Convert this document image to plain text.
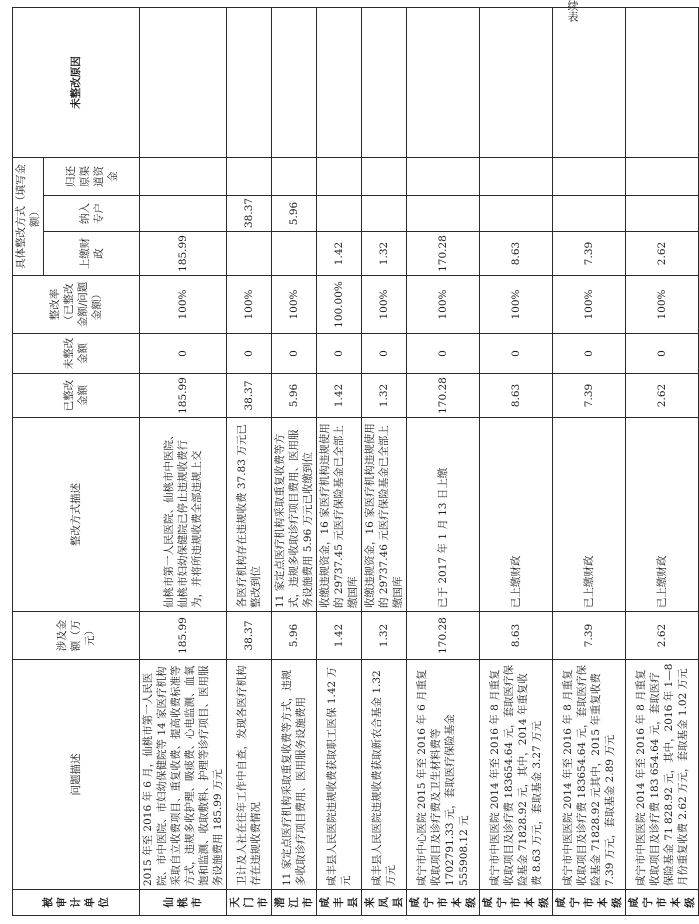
续表
被审计单位	问题描述	涉及金额（万元）	整改方式描述	已整改金额	未整改金额	整改率（已整改金额/问题金额）	具体整改方式（填写金额）			未整改原因
							上缴财政	纳入专户	归还原渠道资金	
仙桃市	2015 年至 2016 年 6 月，仙桃市第一人民医院、市中医院、市妇幼保健院等 14 家医疗机构采取自立收费项目、重复收费、提高收费标准等方式，违规多收护理、吸痰费、心电监测、血氧饱和监测、收取敷料、护理等诊疗项目、医用服务设施费用 185.99 万元	185.99	仙桃市第一人民医院、仙桃市中医院、仙桃市妇幼保健院已停止违规收费行为，并将所违规收费全部违规上交	185.99	0	100%	185.99			
天门市	卫计及人社在往年工作中自查，发现各医疗机构存在违规收费情况	38.37	各医疗机构存在违规收费 37.83 万元已整改到位	38.37	0	100%		38.37		
潜江市	11 家定点医疗机构采取重复收费等方式，违规多收取诊疗项目费用、医用服务设施费用	5.96	11 家定点医疗机构采取重复收费等方式，违规多收取诊疗项目费用、医用服务设施费用 5.96 万元已收缴到位	5.96	0	100%		5.96		
咸丰县	咸丰县人民医院违规收费获取职工医保 1.42 万元	1.42	收缴违规资金，16 家医疗机构违规使用的 29737.45 元医疗保险基金已全部上缴国库	1.42	0	100.00%	1.42			
来凤县	咸丰县人民医院违规收费获取新农合基金 1.32 万元	1.32	收缴违规资金，16 家医疗机构违规使用的 29737.46 元医疗保险基金已全部上缴国库	1.32	0	100%	1.32			
咸宁市本级	咸宁市中心医院 2015 年至 2016 年 6 月重复收取项目及诊疗费及卫生材料费等 1702791.33 元，套取医疗保险基金 555908.12 元	170.28	已于 2017 年 1 月 13 日上缴	170.28	0	100%	170.28			
咸宁市本级	咸宁市中医医院 2014 年至 2016 年 8 月重复收取项目及诊疗费 183654.64 元，套取医疗保险基金 71828.92 元，其中，2014 年重复收费 8.63 万元，套取基金 3.27 万元	8.63	已上缴财政	8.63	0	100%	8.63			
咸宁市本级	咸宁市中医医院 2014 年至 2016 年 8 月重复收取项目及诊疗费 183654.64 元，套取医疗保险基金 71828.92 元其中，2015 年重复收费 7.39 万元，套取基金 2.89 万元	7.39	已上缴财政	7.39	0	100%	7.39			
咸宁市本级	咸宁市中医医院 2014 年至 2016 年 8 月重复收取项目及诊疗费 183 654.64 元，套取医疗保险基金 71 828.92 元，其中，2016 年 1—8 月份重复收费 2.62 万元，套取基金 1.02 万元	2.62	已上缴财政	2.62	0	100%	2.62			
